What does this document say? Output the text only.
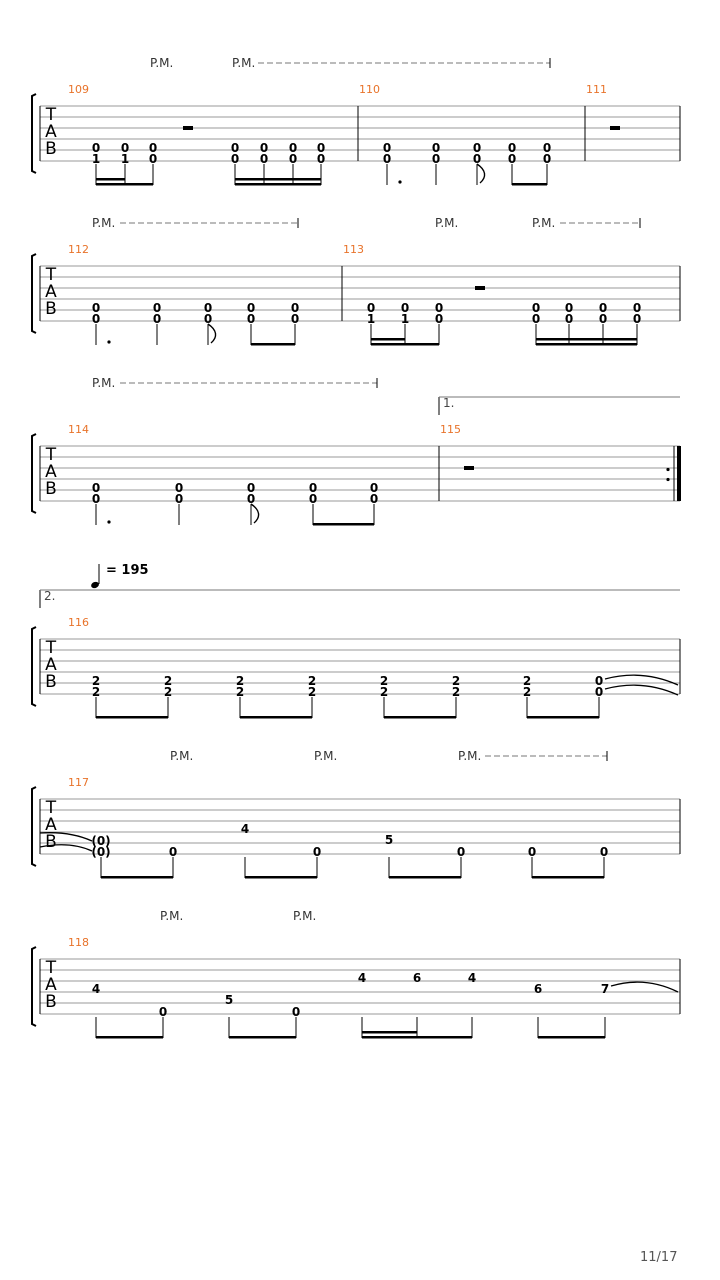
T
A
B
109
0
1
0
1
0
0
0
0
0
0
0
0
0
0
110
0
0
0
0
0
0
0
0
0
0
111
P.M.	P.M.
T
A
B
112
0
0
0
0
0
0
0
0
0
0
113
0
1
0
1
0
0
0
0
0
0
0
0
0
0
P.M.	P.M.	P.M.
T
A
B
114
0
0
0
0
0
0
0
0
0
0
115
P.M.
1.
T
A
B
116
2
2
2
2
2
2
2
2
2
2
2
2
2
2
0
0
2.
= 195
T
A
B
117
(0)
(0)	0
4
0
5
0	0	0
P.M.	P.M.	P.M.
T
A
B
118
4
0
5
0
4	6	4
6	7
P.M.	P.M.
11/17
